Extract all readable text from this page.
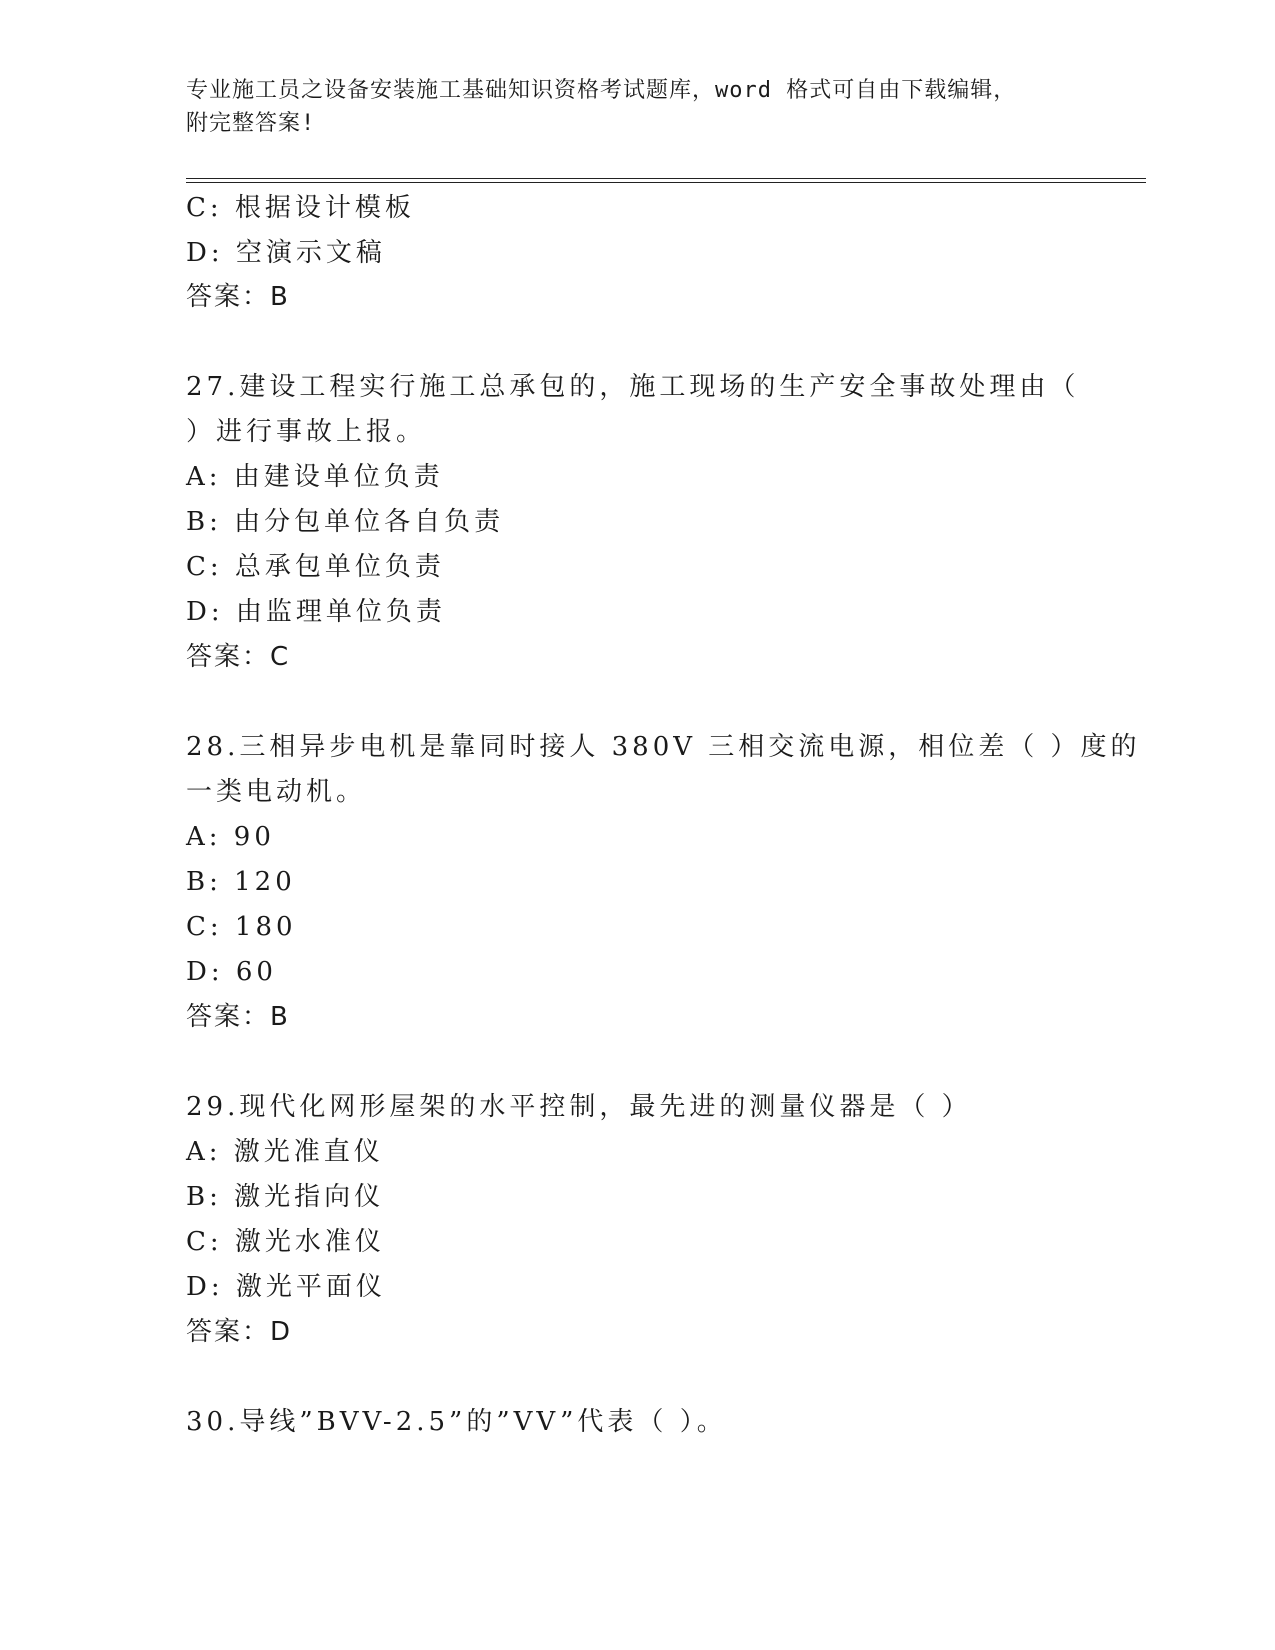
专业施工员之设备安装施工基础知识资格考试题库，word 格式可自由下载编辑，
附完整答案!
C: 根据设计模板
D: 空演示文稿
答案：B
27.建设工程实行施工总承包的，施工现场的生产安全事故处理由（
）进行事故上报。
A: 由建设单位负责
B: 由分包单位各自负责
C: 总承包单位负责
D: 由监理单位负责
答案：C
28.三相异步电机是靠同时接人 380V 三相交流电源，相位差（ ）度的
一类电动机。
A: 90
B: 120
C: 180
D: 60
答案：B
29.现代化网形屋架的水平控制，最先进的测量仪器是（ ）
A: 激光准直仪
B: 激光指向仪
C: 激光水准仪
D: 激光平面仪
答案：D
30.导线”BVV-2.5”的”VV”代表（ ）。
